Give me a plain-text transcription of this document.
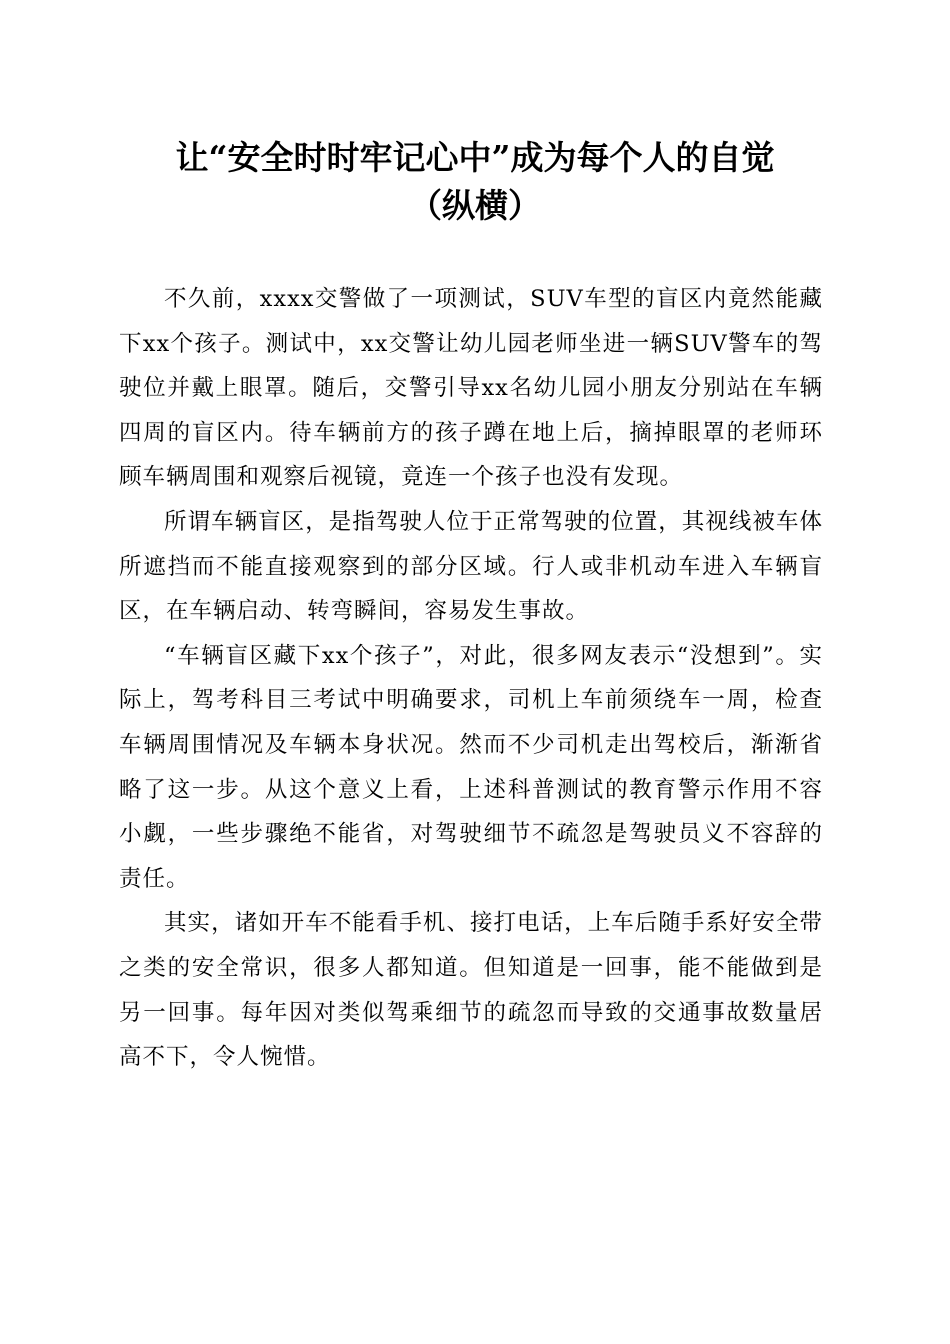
让“安全时时牢记心中”成为每个人的自觉
（纵横）

不久前，xxxx交警做了一项测试，SUV车型的盲区内竟然能藏下xx个孩子。测试中，xx交警让幼儿园老师坐进一辆SUV警车的驾驶位并戴上眼罩。随后，交警引导xx名幼儿园小朋友分别站在车辆四周的盲区内。待车辆前方的孩子蹲在地上后，摘掉眼罩的老师环顾车辆周围和观察后视镜，竟连一个孩子也没有发现。

所谓车辆盲区，是指驾驶人位于正常驾驶的位置，其视线被车体所遮挡而不能直接观察到的部分区域。行人或非机动车进入车辆盲区，在车辆启动、转弯瞬间，容易发生事故。

“车辆盲区藏下xx个孩子”，对此，很多网友表示“没想到”。实际上，驾考科目三考试中明确要求，司机上车前须绕车一周，检查车辆周围情况及车辆本身状况。然而不少司机走出驾校后，渐渐省略了这一步。从这个意义上看，上述科普测试的教育警示作用不容小觑，一些步骤绝不能省，对驾驶细节不疏忽是驾驶员义不容辞的责任。

其实，诸如开车不能看手机、接打电话，上车后随手系好安全带之类的安全常识，很多人都知道。但知道是一回事，能不能做到是另一回事。每年因对类似驾乘细节的疏忽而导致的交通事故数量居高不下，令人惋惜。
